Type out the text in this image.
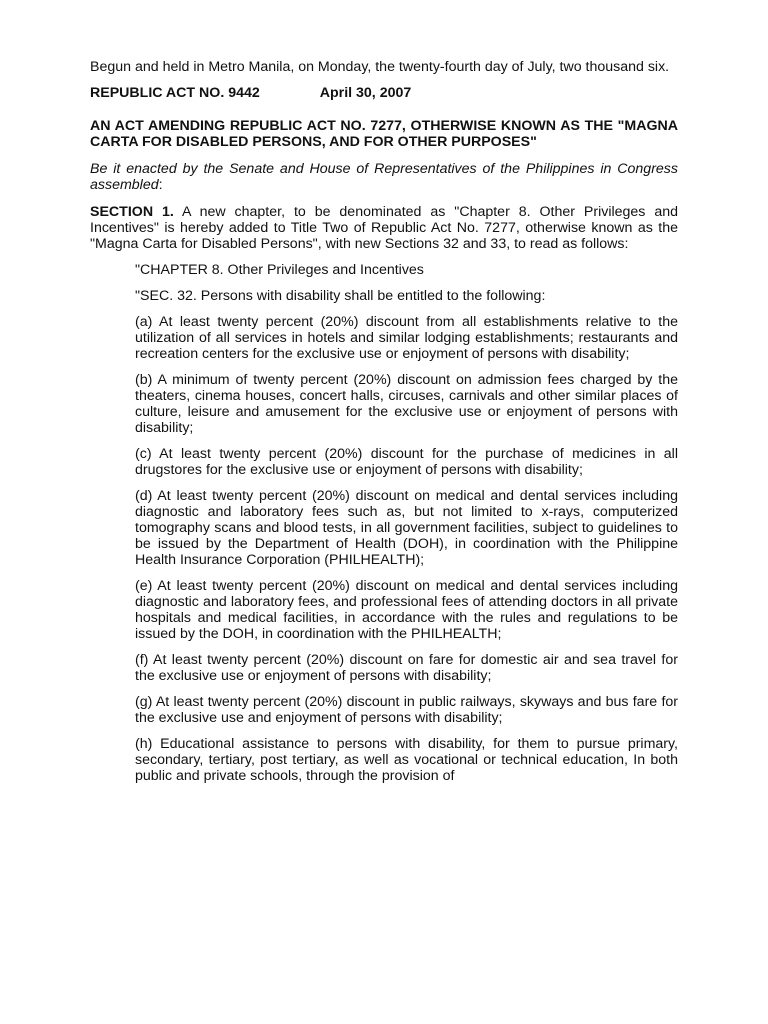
Begun and held in Metro Manila, on Monday, the twenty-fourth day of July, two thousand six.

REPUBLIC ACT NO. 9442	April 30, 2007
AN ACT AMENDING REPUBLIC ACT NO. 7277, OTHERWISE KNOWN AS THE "MAGNA CARTA FOR DISABLED PERSONS, AND FOR OTHER PURPOSES"

Be it enacted by the Senate and House of Representatives of the Philippines in Congress assembled:

SECTION 1. A new chapter, to be denominated as "Chapter 8. Other Privileges and Incentives" is hereby added to Title Two of Republic Act No. 7277, otherwise known as the "Magna Carta for Disabled Persons", with new Sections 32 and 33, to read as follows:

"CHAPTER 8. Other Privileges and Incentives

"SEC. 32. Persons with disability shall be entitled to the following:

(a) At least twenty percent (20%) discount from all establishments relative to the utilization of all services in hotels and similar lodging establishments; restaurants and recreation centers for the exclusive use or enjoyment of persons with disability;

(b) A minimum of twenty percent (20%) discount on admission fees charged by the theaters, cinema houses, concert halls, circuses, carnivals and other similar places of culture, leisure and amusement for the exclusive use or enjoyment of persons with disability;

(c) At least twenty percent (20%) discount for the purchase of medicines in all drugstores for the exclusive use or enjoyment of persons with disability;

(d) At least twenty percent (20%) discount on medical and dental services including diagnostic and laboratory fees such as, but not limited to x-rays, computerized tomography scans and blood tests, in all government facilities, subject to guidelines to be issued by the Department of Health (DOH), in coordination with the Philippine Health Insurance Corporation (PHILHEALTH);

(e) At least twenty percent (20%) discount on medical and dental services including diagnostic and laboratory fees, and professional fees of attending doctors in all private hospitals and medical facilities, in accordance with the rules and regulations to be issued by the DOH, in coordination with the PHILHEALTH;

(f) At least twenty percent (20%) discount on fare for domestic air and sea travel for the exclusive use or enjoyment of persons with disability;

(g) At least twenty percent (20%) discount in public railways, skyways and bus fare for the exclusive use and enjoyment of persons with disability;

(h) Educational assistance to persons with disability, for them to pursue primary, secondary, tertiary, post tertiary, as well as vocational or technical education, In both public and private schools, through the provision of
